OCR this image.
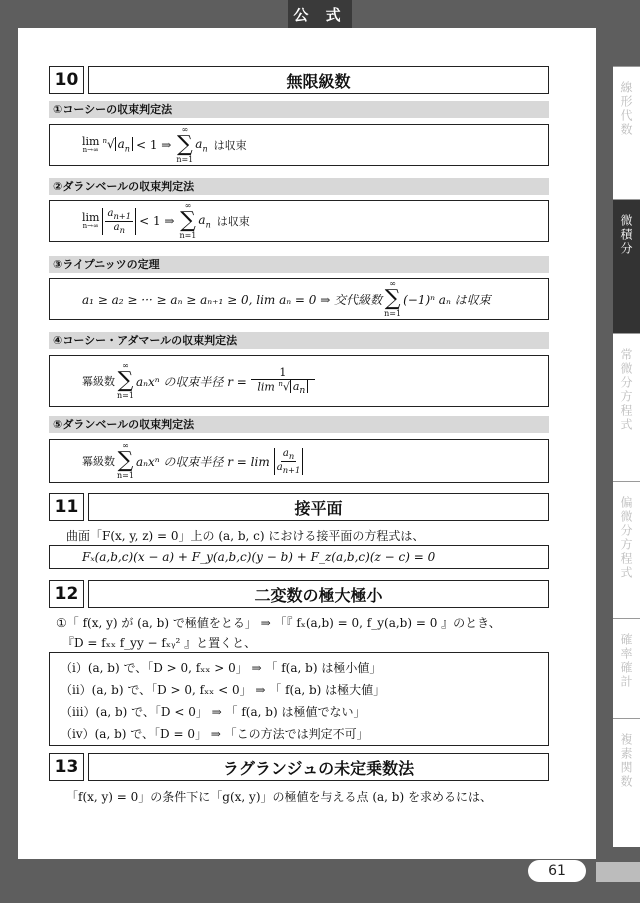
公 式
線形代数
微積分
常微分方程式
偏微分方程式
確率確計
複素関数
61
10	無限級数
①コーシーの収束判定法
lim
n→∞
$^n$√ $a_n < 1$ ⇒
∞
∑
n=1
$a_n$ は収束
②ダランベールの収束判定法
lim
$n\to\infty \frac{a_{n+1}}{a_n} < 1$ ⇒
∞
∑
n=1
$a_n$ は収束
③ライプニッツの定理
a₁ ≥ a₂ ≥ ··· ≥ aₙ ≥ aₙ₊₁ ≥ 0, lim aₙ = 0 ⇒ 交代級数
∞
∑
n=1
(−1)ⁿ aₙ は収束
④コーシー・アダマールの収束判定法
冪級数
∞
∑
n=1
aₙxⁿ の収束半径 $r = \frac{1}{\lim ^n√ a_n}$
⑤ダランベールの収束判定法
冪級数
∞
∑
n=1
aₙxⁿ の収束半径 $r = \lim \frac{a_n}{a_{n+1}}$
11	接平面
曲面「F(x, y, z) = 0」上の (a, b, c) における接平面の方程式は、
Fₓ(a,b,c)(x − a) + F_y(a,b,c)(y − b) + F_z(a,b,c)(z − c) = 0
12	二変数の極大極小
①「 f(x, y) が (a, b) で極値をとる」 ⇒ 「『 fₓ(a,b) = 0, f_y(a,b) = 0 』のとき、
『D = fₓₓ f_yy − fₓᵧ² 』と置くと、
（ⅰ）(a, b) で、「D > 0, fₓₓ > 0」 ⇒ 「 f(a, b) は極小値」
（ⅱ）(a, b) で、「D > 0, fₓₓ < 0」 ⇒ 「 f(a, b) は極大値」
（ⅲ）(a, b) で、「D < 0」 ⇒ 「 f(a, b) は極値でない」
（ⅳ）(a, b) で、「D = 0」 ⇒ 「この方法では判定不可」
13	ラグランジュの未定乗数法
「f(x, y) = 0」の条件下に「g(x, y)」の極値を与える点 (a, b) を求めるには、
